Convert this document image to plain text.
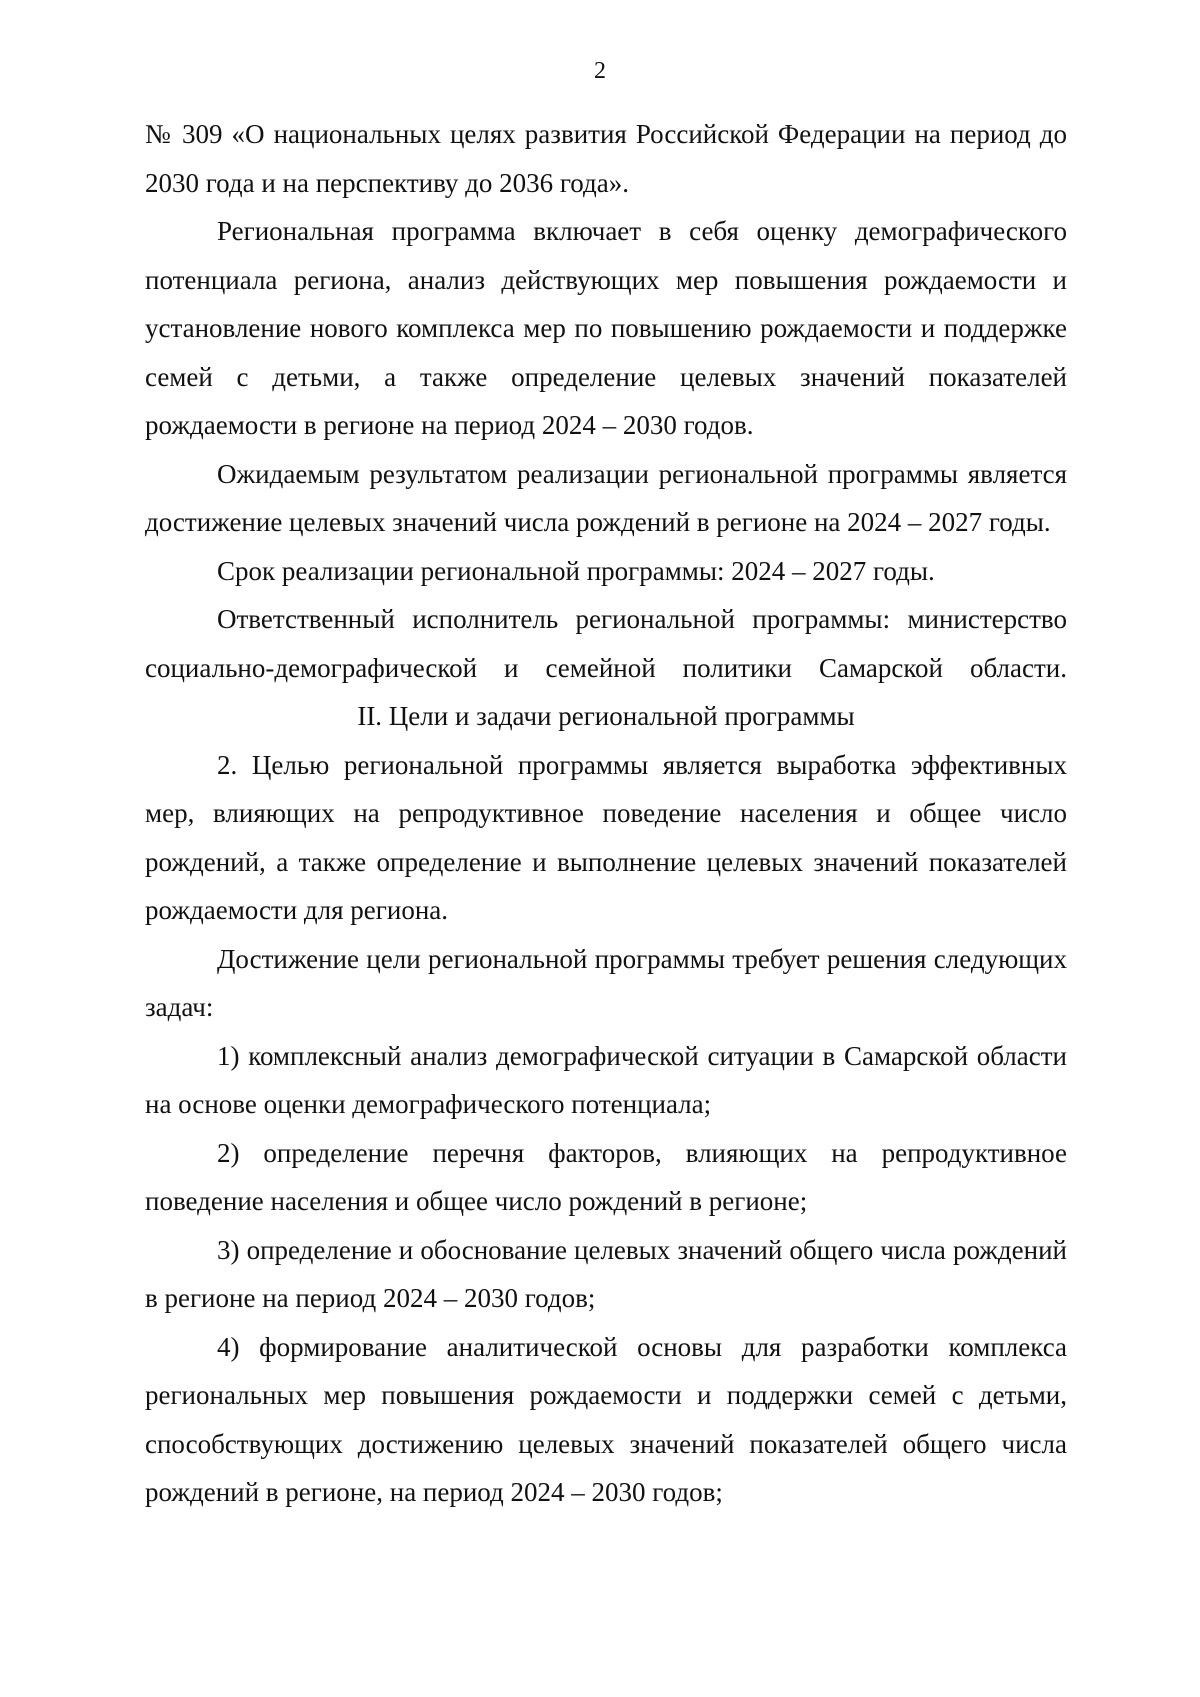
2

№ 309 «О национальных целях развития Российской Федерации на период до 2030 года и на перспективу до 2036 года».

Региональная программа включает в себя оценку демографического потенциала региона, анализ действующих мер повышения рождаемости и установление нового комплекса мер по повышению рождаемости и поддержке семей с детьми, а также определение целевых значений показателей рождаемости в регионе на период 2024 – 2030 годов.

Ожидаемым результатом реализации региональной программы является достижение целевых значений числа рождений в регионе на 2024 – 2027 годы.

Срок реализации региональной программы: 2024 – 2027 годы.

Ответственный исполнитель региональной программы: министерство социально-демографической и семейной политики Самарской области.

II. Цели и задачи региональной программы

2. Целью региональной программы является выработка эффективных мер, влияющих на репродуктивное поведение населения и общее число рождений, а также определение и выполнение целевых значений показателей рождаемости для региона.

Достижение цели региональной программы требует решения следующих задач:

1) комплексный анализ демографической ситуации в Самарской области на основе оценки демографического потенциала;

2) определение перечня факторов, влияющих на репродуктивное поведение населения и общее число рождений в регионе;

3) определение и обоснование целевых значений общего числа рождений в регионе на период 2024 – 2030 годов;

4) формирование аналитической основы для разработки комплекса региональных мер повышения рождаемости и поддержки семей с детьми, способствующих достижению целевых значений показателей общего числа рождений в регионе, на период 2024 – 2030 годов;
